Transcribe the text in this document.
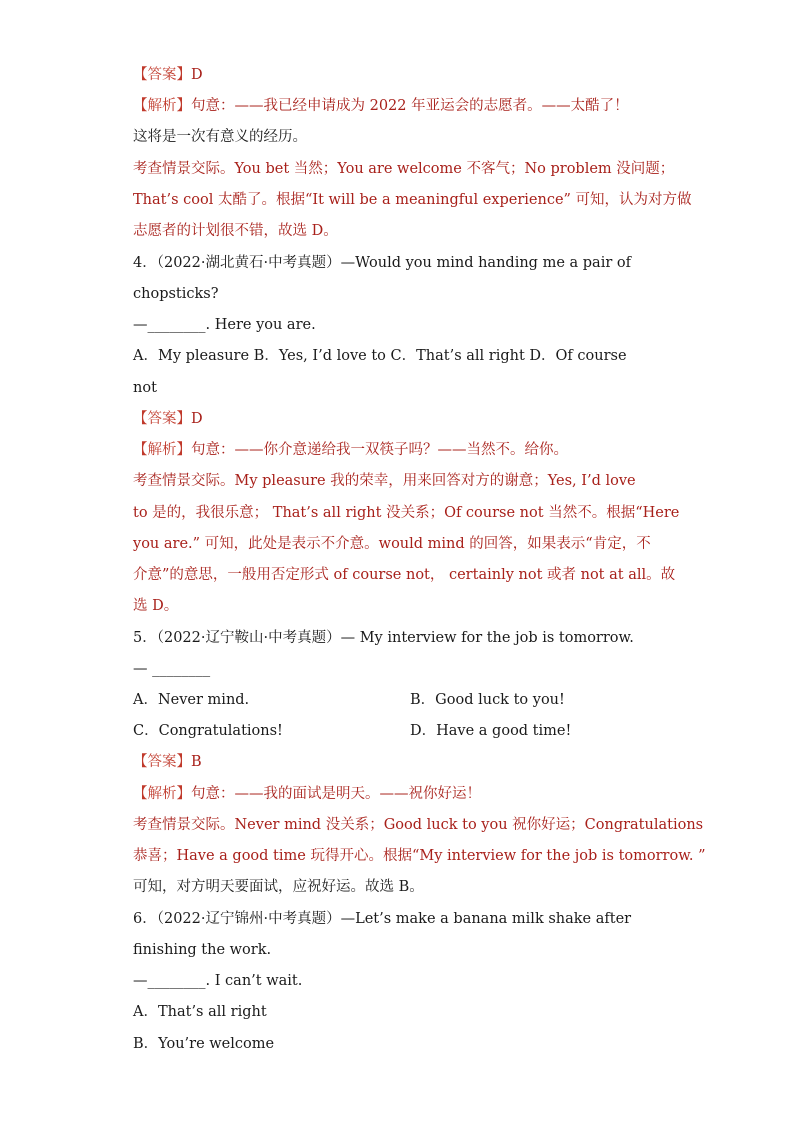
【答案】D
【解析】句意：——我已经申请成为 2022 年亚运会的志愿者。——太酷了！
这将是一次有意义的经历。
考查情景交际。You bet 当然；You are welcome 不客气；No problem 没问题；
That’s cool 太酷了。根据“It will be a meaningful experience” 可知，认为对方做
志愿者的计划很不错，故选 D。
4．（2022·湖北黄石·中考真题）—Would you mind handing me a pair of
chopsticks?
—________. Here you are.
A．My pleasure B．Yes, I’d love to C．That’s all right D．Of course
not
【答案】D
【解析】句意：——你介意递给我一双筷子吗？——当然不。给你。
考查情景交际。My pleasure 我的荣幸，用来回答对方的谢意；Yes, I’d love
to 是的，我很乐意； That’s all right 没关系；Of course not 当然不。根据“Here
you are.” 可知，此处是表示不介意。would mind 的回答，如果表示“肯定，不
介意”的意思，一般用否定形式 of course not， certainly not 或者 not at all。故
选 D。
5．（2022·辽宁鞍山·中考真题）— My interview for the job is tomorrow.
— ________
A．Never mind.	B．Good luck to you!
C．Congratulations!	D．Have a good time!
【答案】B
【解析】句意：——我的面试是明天。——祝你好运！
考查情景交际。Never mind 没关系；Good luck to you 祝你好运；Congratulations
恭喜；Have a good time 玩得开心。根据“My interview for the job is tomorrow. ”
可知，对方明天要面试，应祝好运。故选 B。
6．（2022·辽宁锦州·中考真题）—Let’s make a banana milk shake after
finishing the work.
—________. I can’t wait.
A．That’s all right
B．You’re welcome
